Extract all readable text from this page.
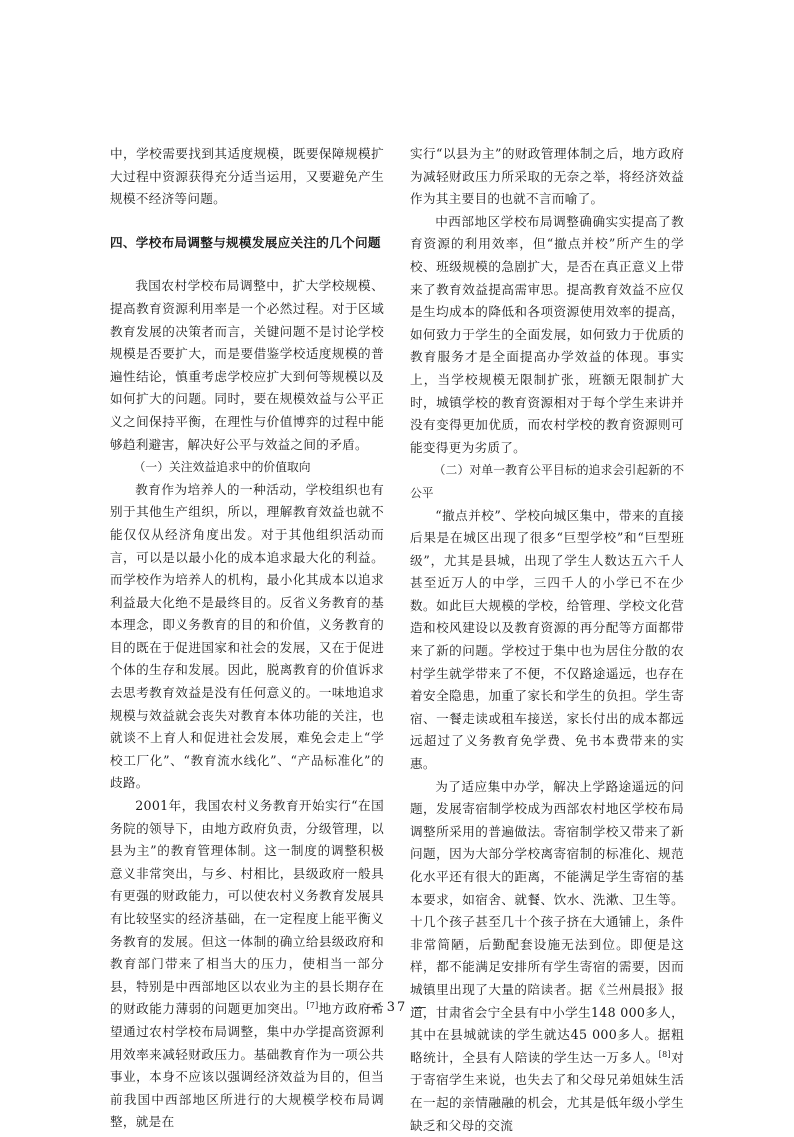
中，学校需要找到其适度规模，既要保障规模扩大过程中资源获得充分适当运用，又要避免产生规模不经济等问题。

四、学校布局调整与规模发展应关注的几个问题

我国农村学校布局调整中，扩大学校规模、提高教育资源利用率是一个必然过程。对于区域教育发展的决策者而言，关键问题不是讨论学校规模是否要扩大，而是要借鉴学校适度规模的普遍性结论，慎重考虑学校应扩大到何等规模以及如何扩大的问题。同时，要在规模效益与公平正义之间保持平衡，在理性与价值博弈的过程中能够趋利避害，解决好公平与效益之间的矛盾。

（一）关注效益追求中的价值取向

教育作为培养人的一种活动，学校组织也有别于其他生产组织，所以，理解教育效益也就不能仅仅从经济角度出发。对于其他组织活动而言，可以是以最小化的成本追求最大化的利益。而学校作为培养人的机构，最小化其成本以追求利益最大化绝不是最终目的。反省义务教育的基本理念，即义务教育的目的和价值，义务教育的目的既在于促进国家和社会的发展，又在于促进个体的生存和发展。因此，脱离教育的价值诉求去思考教育效益是没有任何意义的。一味地追求规模与效益就会丧失对教育本体功能的关注，也就谈不上育人和促进社会发展，难免会走上“学校工厂化”、“教育流水线化”、“产品标准化”的歧路。

2001年，我国农村义务教育开始实行“在国务院的领导下，由地方政府负责，分级管理，以县为主”的教育管理体制。这一制度的调整积极意义非常突出，与乡、村相比，县级政府一般具有更强的财政能力，可以使农村义务教育发展具有比较坚实的经济基础，在一定程度上能平衡义务教育的发展。但这一体制的确立给县级政府和教育部门带来了相当大的压力，使相当一部分县，特别是中西部地区以农业为主的县长期存在的财政能力薄弱的问题更加突出。[7]地方政府希望通过农村学校布局调整，集中办学提高资源利用效率来减轻财政压力。基础教育作为一项公共事业，本身不应该以强调经济效益为目的，但当前我国中西部地区所进行的大规模学校布局调整，就是在

实行“以县为主”的财政管理体制之后，地方政府为减轻财政压力所采取的无奈之举，将经济效益作为其主要目的也就不言而喻了。

中西部地区学校布局调整确确实实提高了教育资源的利用效率，但“撤点并校”所产生的学校、班级规模的急剧扩大，是否在真正意义上带来了教育效益提高需审思。提高教育效益不应仅是生均成本的降低和各项资源使用效率的提高，如何致力于学生的全面发展，如何致力于优质的教育服务才是全面提高办学效益的体现。事实上，当学校规模无限制扩张，班额无限制扩大时，城镇学校的教育资源相对于每个学生来讲并没有变得更加优质，而农村学校的教育资源则可能变得更为劣质了。

（二）对单一教育公平目标的追求会引起新的不公平

“撤点并校”、学校向城区集中，带来的直接后果是在城区出现了很多“巨型学校”和“巨型班级”，尤其是县城，出现了学生人数达五六千人甚至近万人的中学，三四千人的小学已不在少数。如此巨大规模的学校，给管理、学校文化营造和校风建设以及教育资源的再分配等方面都带来了新的问题。学校过于集中也为居住分散的农村学生就学带来了不便，不仅路途遥远，也存在着安全隐患，加重了家长和学生的负担。学生寄宿、一餐走读或租车接送，家长付出的成本都远远超过了义务教育免学费、免书本费带来的实惠。

为了适应集中办学，解决上学路途遥远的问题，发展寄宿制学校成为西部农村地区学校布局调整所采用的普遍做法。寄宿制学校又带来了新问题，因为大部分学校离寄宿制的标准化、规范化水平还有很大的距离，不能满足学生寄宿的基本要求，如宿舍、就餐、饮水、洗漱、卫生等。十几个孩子甚至几十个孩子挤在大通铺上，条件非常简陋，后勤配套设施无法到位。即便是这样，都不能满足安排所有学生寄宿的需要，因而城镇里出现了大量的陪读者。据《兰州晨报》报道，甘肃省会宁全县有中小学生148 000多人，其中在县城就读的学生就达45 000多人。据粗略统计，全县有人陪读的学生达一万多人。[8]对于寄宿学生来说，也失去了和父母兄弟姐妹生活在一起的亲情融融的机会，尤其是低年级小学生缺乏和父母的交流

— 37 —
